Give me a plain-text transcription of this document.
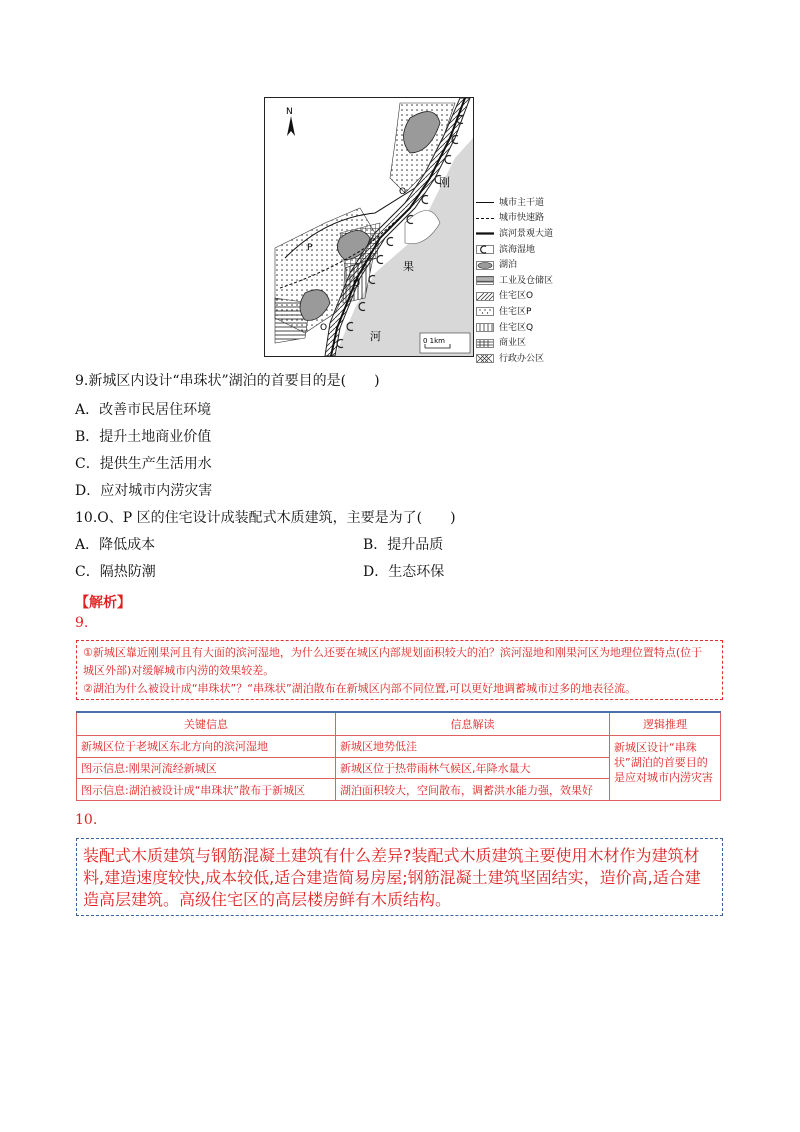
N
刚
果
河
O
O
P
Q
0 1km
城市主干道
城市快速路
滨河景观大道
滨海湿地
湖泊
工业及仓储区
住宅区O
住宅区P
住宅区Q
商业区
行政办公区
9.新城区内设计“串珠状”湖泊的首要目的是(　　)
A．改善市民居住环境
B．提升土地商业价值
C．提供生产生活用水
D．应对城市内涝灾害
10.O、P 区的住宅设计成装配式木质建筑，主要是为了(　　)
A．降低成本	B．提升品质
C．隔热防潮	D．生态环保
【解析】
9.

①新城区靠近刚果河且有大面的滨河湿地，为什么还要在城区内部规划面积较大的泊？滨河湿地和刚果河区为地理位置特点(位于

城区外部)对缓解城市内涝的效果较差。

②湖泊为什么被设计成“串珠状”？“串珠状”湖泊散布在新城区内部不同位置,可以更好地调蓄城市过多的地表径流。

关键信息	信息解读	逻辑推理
新城区位于老城区东北方向的滨河湿地	新城区地势低洼	新城区设计“串珠状”湖泊的首要目的是应对城市内涝灾害
图示信息:刚果河流经新城区	新城区位于热带雨林气候区,年降水量大	
图示信息:湖泊被设计成“串珠状”散布于新城区	湖泊面积较大，空间散布，调蓄洪水能力强，效果好	
10.

装配式木质建筑与钢筋混凝土建筑有什么差异?装配式木质建筑主要使用木材作为建筑材料,建造速度较快,成本较低,适合建造简易房屋;钢筋混凝土建筑坚固结实，造价高,适合建造高层建筑。高级住宅区的高层楼房鲜有木质结构。
